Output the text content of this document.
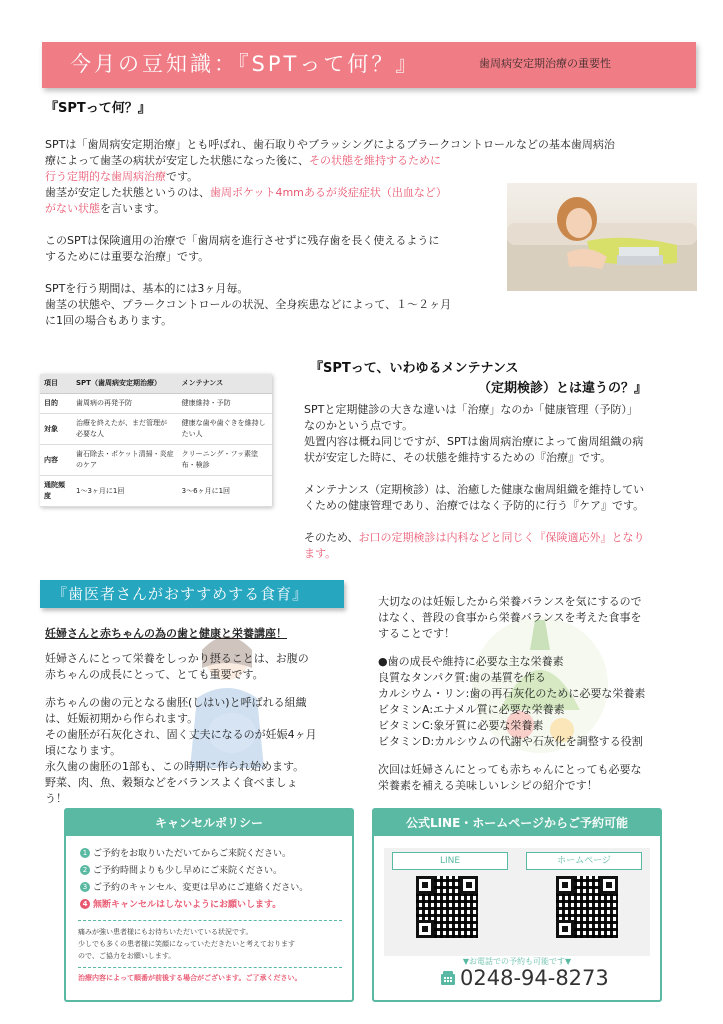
今月の豆知識：『SPTって何？』	歯周病安定期治療の重要性
『SPTって何？』
SPTは「歯周病安定期治療」とも呼ばれ、歯石取りやブラッシングによるプラークコントロールなどの基本歯周病治
療によって歯茎の病状が安定した状態になった後に、その状態を維持するために
行う定期的な歯周病治療です。
歯茎が安定した状態というのは、歯周ポケット4mmあるが炎症症状（出血など）
がない状態を言います。
このSPTは保険適用の治療で「歯周病を進行させずに残存歯を長く使えるように
するためには重要な治療」です。
SPTを行う期間は、基本的には3ヶ月毎。
歯茎の状態や、プラークコントロールの状況、全身疾患などによって、１～２ヶ月
に1回の場合もあります。
項目	SPT（歯周病安定期治療）	メンテナンス
目的	歯周病の再発予防	健康維持・予防
対象	治療を終えたが、まだ管理が必要な人	健康な歯や歯ぐきを維持したい人
内容	歯石除去・ポケット清掃・炎症のケア	クリーニング・フッ素塗布・検診
通院頻度	1〜3ヶ月に1回	3〜6ヶ月に1回
『SPTって、いわゆるメンテナンス
（定期検診）とは違うの？』
SPTと定期健診の大きな違いは「治療」なのか「健康管理（予防）」
なのかという点です。
処置内容は概ね同じですが、SPTは歯周病治療によって歯周組織の病
状が安定した時に、その状態を維持するための『治療』です。
メンテナンス（定期検診）は、治癒した健康な歯周組織を維持してい
くための健康管理であり、治療ではなく予防的に行う『ケア』です。
そのため、お口の定期検診は内科などと同じく『保険適応外』となり
ます。
『歯医者さんがおすすめする食育』
妊婦さんと赤ちゃんの為の歯と健康と栄養講座！
妊婦さんにとって栄養をしっかり摂ることは、お腹の
赤ちゃんの成長にとって、とても重要です。
赤ちゃんの歯の元となる歯胚(しはい)と呼ばれる組織
は、妊娠初期から作られます。
その歯胚が石灰化され、固く丈夫になるのが妊娠4ヶ月
頃になります。
永久歯の歯胚の1部も、この時期に作られ始めます。
野菜、肉、魚、穀類などをバランスよく食べましょ
う！
大切なのは妊娠したから栄養バランスを気にするので
はなく、普段の食事から栄養バランスを考えた食事を
することです！
●歯の成長や維持に必要な主な栄養素
良質なタンパク質:歯の基質を作る
カルシウム・リン:歯の再石灰化のために必要な栄養素
ビタミンA:エナメル質に必要な栄養素
ビタミンC:象牙質に必要な栄養素
ビタミンD:カルシウムの代謝や石灰化を調整する役割
次回は妊婦さんにとっても赤ちゃんにとっても必要な
栄養素を補える美味しいレシピの紹介です！
キャンセルポリシー
1 ご予約をお取りいただいてからご来院ください。
2 ご予約時間よりも少し早めにご来院ください。
3 ご予約のキャンセル、変更は早めにご連絡ください。
4 無断キャンセルはしないようにお願いします。
痛みが強い患者様にもお待ちいただいている状況です。
少しでも多くの患者様に笑顔になっていただきたいと考えております
ので、ご協力をお願いします。
治療内容によって順番が前後する場合がございます。ご了承ください。
公式LINE・ホームページからご予約可能
LINE	ホームページ
▼お電話での予約も可能です▼
0248-94-8273
